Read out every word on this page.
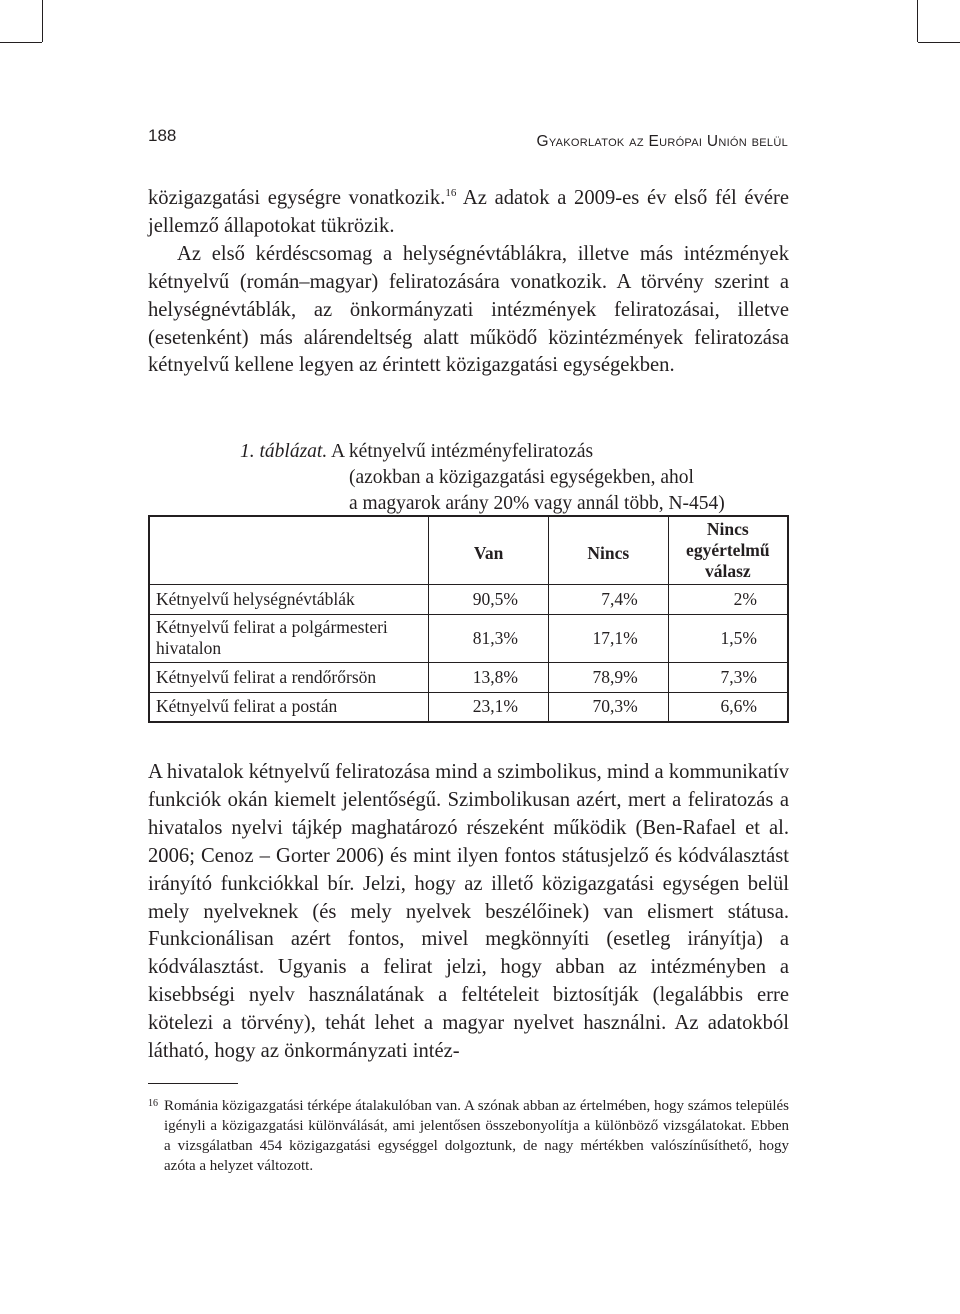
188	Gyakorlatok az Európai Unión belül

közigazgatási egységre vonatkozik.$^{16}$ Az adatok a 2009-es év első fél évére jellemző állapotokat tükrözik.

Az első kérdéscsomag a helységnévtáblákra, illetve más intézmények kétnyelvű (román–magyar) feliratozására vonatkozik. A törvény szerint a helységnévtáblák, az önkormányzati intézmények feliratozásai, illetve (esetenként) más alárendeltség alatt működő közintézmények feliratozása kétnyelvű kellene legyen az érintett közigazgatási egységekben.

1. táblázat. A kétnyelvű intézményfeliratozás
(azokban a közigazgatási egységekben, ahol
a magyarok arány 20% vagy annál több, N-454)
	Van	Nincs	Nincs egyértelmű válasz
Kétnyelvű helységnévtáblák	90,5%	7,4%	2%
Kétnyelvű felirat a polgármesteri hivatalon	81,3%	17,1%	1,5%
Kétnyelvű felirat a rendőrőrsön	13,8%	78,9%	7,3%
Kétnyelvű felirat a postán	23,1%	70,3%	6,6%

A hivatalok kétnyelvű feliratozása mind a szimbolikus, mind a kommunikatív funkciók okán kiemelt jelentőségű. Szimbolikusan azért, mert a feliratozás a hivatalos nyelvi tájkép maghatározó részeként működik (Ben-Rafael et al. 2006; Cenoz – Gorter 2006) és mint ilyen fontos státusjelző és kódválasztást irányító funkciókkal bír. Jelzi, hogy az illető közigazgatási egységen belül mely nyelveknek (és mely nyelvek beszélőinek) van elismert státusa. Funkcionálisan azért fontos, mivel megkönnyíti (esetleg irányítja) a kódválasztást. Ugyanis a felirat jelzi, hogy abban az intézményben a kisebbségi nyelv használatának a feltételeit biztosítják (legalábbis erre kötelezi a törvény), tehát lehet a magyar nyelvet használni. Az adatokból látható, hogy az önkormányzati intéz-

16 Románia közigazgatási térképe átalakulóban van. A szónak abban az értelmében, hogy számos település igényli a közigazgatási különválását, ami jelentősen összebonyolítja a különböző vizsgálatokat. Ebben a vizsgálatban 454 közigazgatási egységgel dolgoztunk, de nagy mértékben valószínűsíthető, hogy azóta a helyzet változott.
